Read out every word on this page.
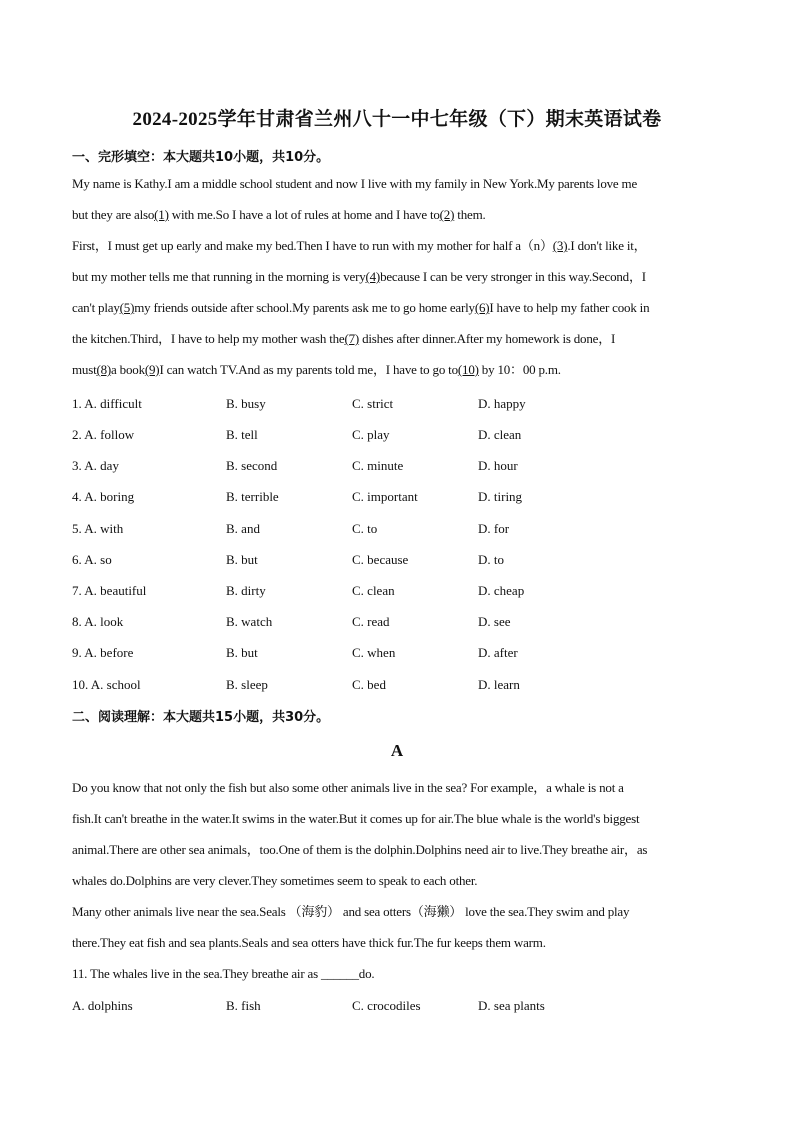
2024-2025学年甘肃省兰州八十一中七年级（下）期末英语试卷
一、完形填空：本大题共10小题，共10分。
My name is Kathy.I am a middle school student and now I live with my family in New York.My parents love me
but they are also(1) with me.So I have a lot of rules at home and I have to(2) them.
First，I must get up early and make my bed.Then I have to run with my mother for half a（n）(3).I don't like it，
but my mother tells me that running in the morning is very(4)because I can be very stronger in this way.Second，I
can't play(5)my friends outside after school.My parents ask me to go home early(6)I have to help my father cook in
the kitchen.Third，I have to help my mother wash the(7) dishes after dinner.After my homework is done，I
must(8)a book(9)I can watch TV.And as my parents told me，I have to go to(10) by 10：00 p.m.
1. A. difficult	B. busy	C. strict	D. happy
2. A. follow	B. tell	C. play	D. clean
3. A. day	B. second	C. minute	D. hour
4. A. boring	B. terrible	C. important	D. tiring
5. A. with	B. and	C. to	D. for
6. A. so	B. but	C. because	D. to
7. A. beautiful	B. dirty	C. clean	D. cheap
8. A. look	B. watch	C. read	D. see
9. A. before	B. but	C. when	D. after
10. A. school	B. sleep	C. bed	D. learn
二、阅读理解：本大题共15小题，共30分。
A
Do you know that not only the fish but also some other animals live in the sea? For example，a whale is not a
fish.It can't breathe in the water.It swims in the water.But it comes up for air.The blue whale is the world's biggest
animal.There are other sea animals，too.One of them is the dolphin.Dolphins need air to live.They breathe air，as
whales do.Dolphins are very clever.They sometimes seem to speak to each other.
Many other animals live near the sea.Seals （海豹） and sea otters（海獭） love the sea.They swim and play
there.They eat fish and sea plants.Seals and sea otters have thick fur.The fur keeps them warm.
11. The whales live in the sea.They breathe air as ______do.
A. dolphins	B. fish	C. crocodiles	D. sea plants
